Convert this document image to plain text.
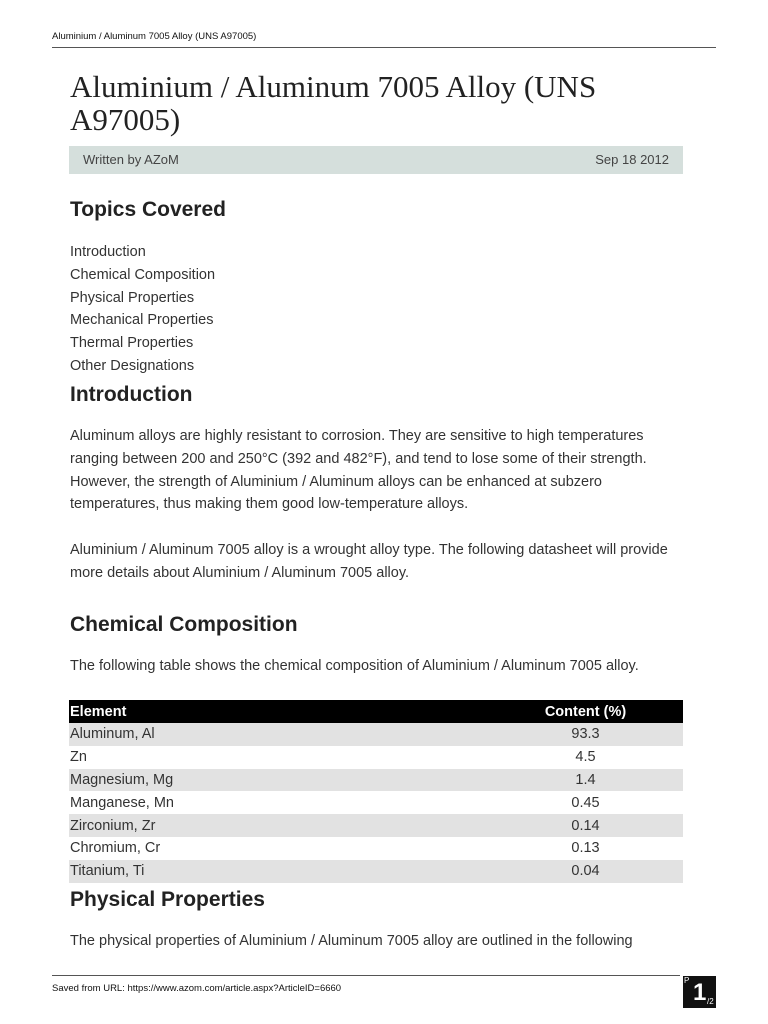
Aluminium / Aluminum 7005 Alloy (UNS A97005)
Aluminium / Aluminum 7005 Alloy (UNS A97005)
Written by AZoM	Sep 18 2012
Topics Covered
Introduction
Chemical Composition
Physical Properties
Mechanical Properties
Thermal Properties
Other Designations
Introduction

Aluminum alloys are highly resistant to corrosion. They are sensitive to high temperatures ranging between 200 and 250°C (392 and 482°F), and tend to lose some of their strength. However, the strength of Aluminium / Aluminum alloys can be enhanced at subzero temperatures, thus making them good low-temperature alloys.

Aluminium / Aluminum 7005 alloy is a wrought alloy type. The following datasheet will provide more details about Aluminium / Aluminum 7005 alloy.

Chemical Composition

The following table shows the chemical composition of Aluminium / Aluminum 7005 alloy.

Element	Content (%)
Aluminum, Al	93.3
Zn	4.5
Magnesium, Mg	1.4
Manganese, Mn	0.45
Zirconium, Zr	0.14
Chromium, Cr	0.13
Titanium, Ti	0.04
Physical Properties

The physical properties of Aluminium / Aluminum 7005 alloy are outlined in the following

Saved from URL: https://www.azom.com/article.aspx?ArticleID=6660
P 1 /2
